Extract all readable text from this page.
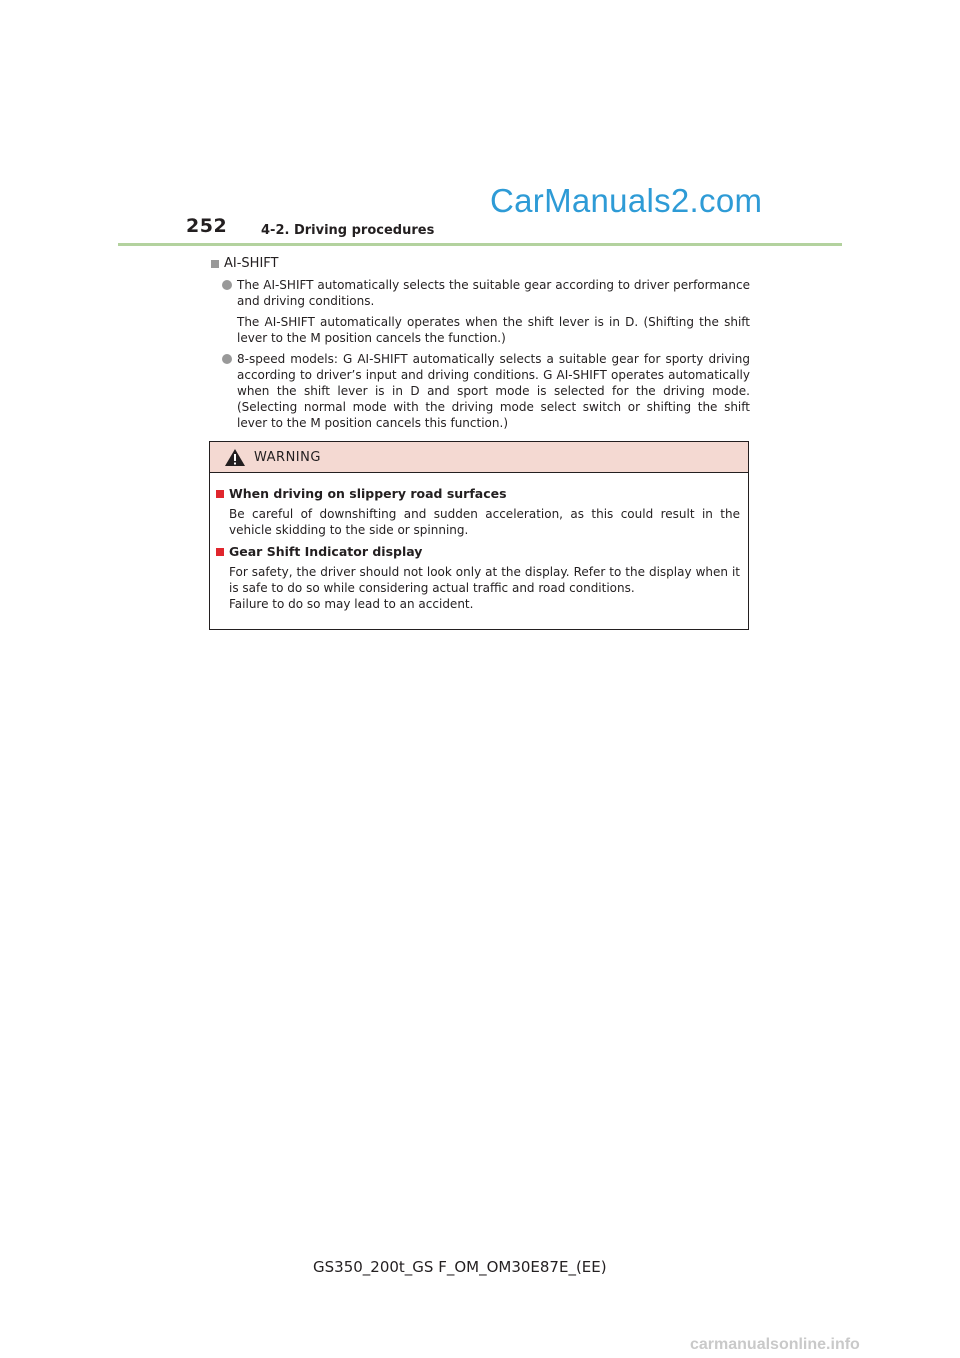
CarManuals2.com
252	4-2. Driving procedures
AI-SHIFT

The AI-SHIFT automatically selects the suitable gear according to driver performance and driving conditions.

The AI-SHIFT automatically operates when the shift lever is in D. (Shifting the shift lever to the M position cancels the function.)

8-speed models: G AI-SHIFT automatically selects a suitable gear for sporty driving according to driver’s input and driving conditions. G AI-SHIFT operates automatically when the shift lever is in D and sport mode is selected for the driving mode. (Selecting normal mode with the driving mode select switch or shifting the shift lever to the M position cancels this function.)

WARNING
When driving on slippery road surfaces

Be careful of downshifting and sudden acceleration, as this could result in the vehicle skidding to the side or spinning.

Gear Shift Indicator display

For safety, the driver should not look only at the display. Refer to the display when it is safe to do so while considering actual traffic and road conditions.
Failure to do so may lead to an accident.

GS350_200t_GS F_OM_OM30E87E_(EE)
carmanualsonline.info
